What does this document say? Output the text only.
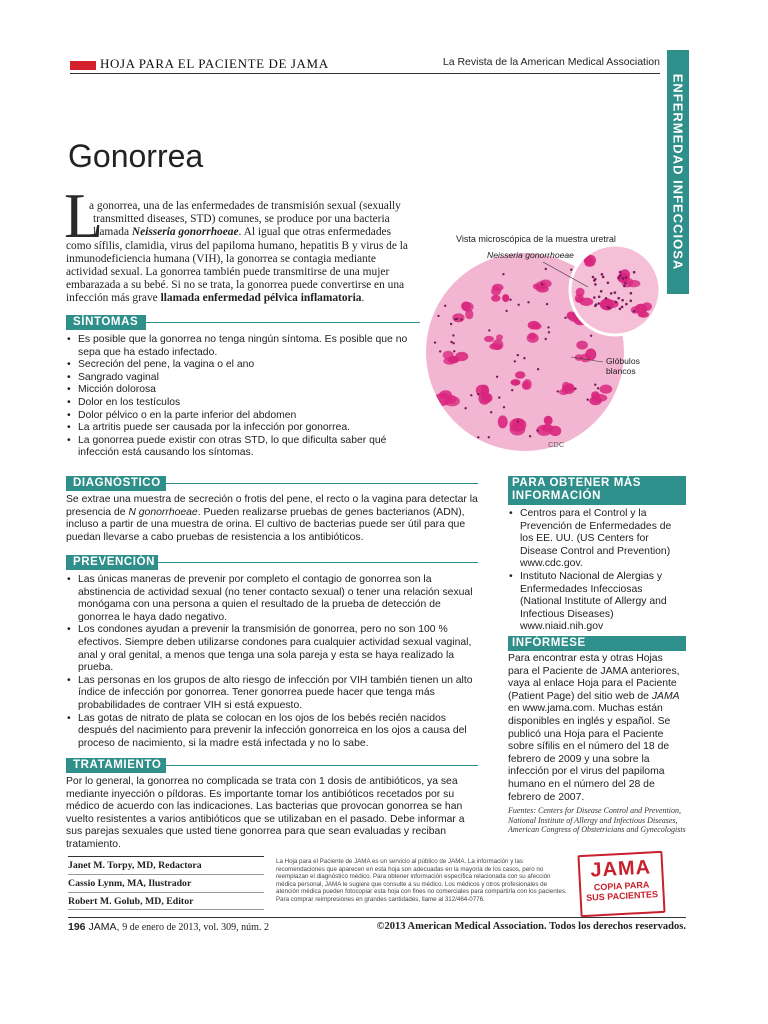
HOJA PARA EL PACIENTE DE JAMA	La Revista de la American Medical Association
ENFERMEDAD INFECCIOSA
Gonorrea
L
a gonorrea, una de las enfermedades de transmisión sexual (sexually
transmitted diseases, STD) comunes, se produce por una bacteria
llamada Neisseria gonorrhoeae. Al igual que otras enfermedades
como sífilis, clamidia, virus del papiloma humano, hepatitis B y virus de la inmunodeficiencia humana (VIH), la gonorrea se contagia mediante actividad sexual. La gonorrea también puede transmitirse de una mujer embarazada a su bebé. Si no se trata, la gonorrea puede convertirse en una infección más grave llamada enfermedad pélvica inflamatoria.
Vista microscópica de la muestra uretral
Neisseria gonorrhoeae
Glóbulos blancos
CDC
SÍNTOMAS
• Es posible que la gonorrea no tenga ningún síntoma. Es posible que no sepa que ha estado infectado.
• Secreción del pene, la vagina o el ano
• Sangrado vaginal
• Micción dolorosa
• Dolor en los testículos
• Dolor pélvico o en la parte inferior del abdomen
• La artritis puede ser causada por la infección por gonorrea.
• La gonorrea puede existir con otras STD, lo que dificulta saber qué infección está causando los síntomas.
DIAGNÓSTICO
Se extrae una muestra de secreción o frotis del pene, el recto o la vagina para detectar la presencia de N gonorrhoeae. Pueden realizarse pruebas de genes bacterianos (ADN), incluso a partir de una muestra de orina. El cultivo de bacterias puede ser útil para que puedan llevarse a cabo pruebas de resistencia a los antibióticos.
PREVENCIÓN
• Las únicas maneras de prevenir por completo el contagio de gonorrea son la abstinencia de actividad sexual (no tener contacto sexual) o tener una relación sexual monógama con una persona a quien el resultado de la prueba de detección de gonorrea le haya dado negativo.
• Los condones ayudan a prevenir la transmisión de gonorrea, pero no son 100 % efectivos. Siempre deben utilizarse condones para cualquier actividad sexual vaginal, anal y oral genital, a menos que tenga una sola pareja y esta se haya realizado la prueba.
• Las personas en los grupos de alto riesgo de infección por VIH también tienen un alto índice de infección por gonorrea. Tener gonorrea puede hacer que tenga más probabilidades de contraer VIH si está expuesto.
• Las gotas de nitrato de plata se colocan en los ojos de los bebés recién nacidos después del nacimiento para prevenir la infección gonorreica en los ojos a causa del proceso de nacimiento, si la madre está infectada y no lo sabe.
TRATAMIENTO
Por lo general, la gonorrea no complicada se trata con 1 dosis de antibióticos, ya sea mediante inyección o píldoras. Es importante tomar los antibióticos recetados por su médico de acuerdo con las indicaciones. Las bacterias que provocan gonorrea se han vuelto resistentes a varios antibióticos que se utilizaban en el pasado. Debe informar a sus parejas sexuales que usted tiene gonorrea para que sean evaluadas y reciban tratamiento.
PARA OBTENER MÁS INFORMACIÓN
• Centros para el Control y la Prevención de Enfermedades de los EE. UU. (US Centers for Disease Control and Prevention) www.cdc.gov.
• Instituto Nacional de Alergias y Enfermedades Infecciosas (National Institute of Allergy and Infectious Diseases) www.niaid.nih.gov
INFÓRMESE
Para encontrar esta y otras Hojas para el Paciente de JAMA anteriores, vaya al enlace Hoja para el Paciente (Patient Page) del sitio web de JAMA en www.jama.com. Muchas están disponibles en inglés y español. Se publicó una Hoja para el Paciente sobre sífilis en el número del 18 de febrero de 2009 y una sobre la infección por el virus del papiloma humano en el número del 28 de febrero de 2007.
Fuentes: Centers for Disease Control and Prevention, National Institute of Allergy and Infectious Diseases, American Congress of Obstetricians and Gynecologists
Janet M. Torpy, MD, Redactora
Cassio Lynm, MA, Ilustrador
Robert M. Golub, MD, Editor
La Hoja para el Paciente de JAMA es un servicio al público de JAMA. La información y las recomendaciones que aparecen en esta hoja son adecuadas en la mayoría de los casos, pero no reemplazan el diagnóstico médico. Para obtener información específica relacionada con su afección médica personal, JAMA le sugiere que consulte a su médico. Los médicos y otros profesionales de atención médica pueden fotocopiar esta hoja con fines no comerciales para compartirla con los pacientes. Para comprar reimpresiones en grandes cantidades, llame al 312/464-0776.
JAMA
COPIA PARA
SUS PACIENTES
196 JAMA, 9 de enero de 2013, vol. 309, núm. 2	©2013 American Medical Association. Todos los derechos reservados.
